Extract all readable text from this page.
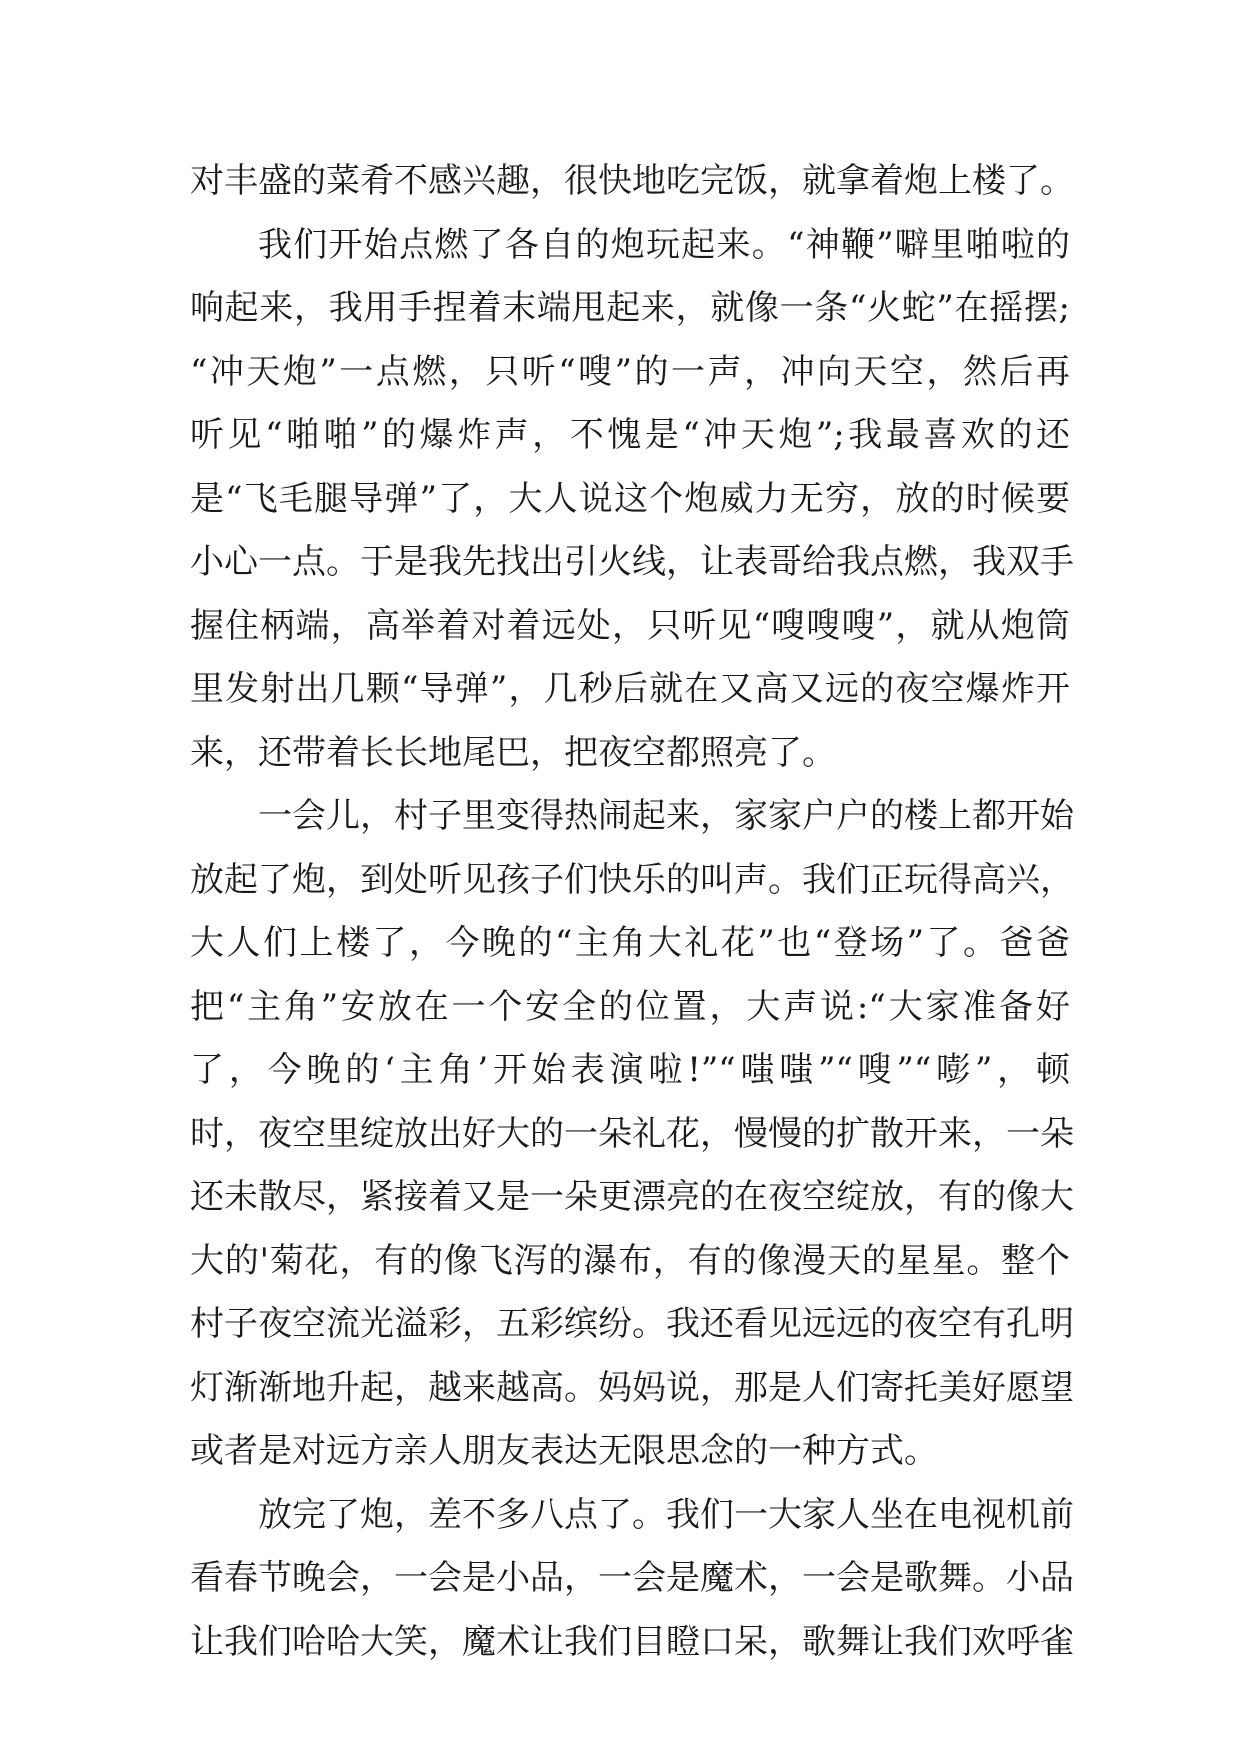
对丰盛的菜肴不感兴趣，很快地吃完饭，就拿着炮上楼了。
我们开始点燃了各自的炮玩起来。“神鞭”噼里啪啦的
响起来，我用手捏着末端甩起来，就像一条“火蛇”在摇摆;
“冲天炮”一点燃，只听“嗖”的一声，冲向天空，然后再
听见“啪啪”的爆炸声，不愧是“冲天炮”;我最喜欢的还
是“飞毛腿导弹”了，大人说这个炮威力无穷，放的时候要
小心一点。于是我先找出引火线，让表哥给我点燃，我双手
握住柄端，高举着对着远处，只听见“嗖嗖嗖”，就从炮筒
里发射出几颗“导弹”，几秒后就在又高又远的夜空爆炸开
来，还带着长长地尾巴，把夜空都照亮了。
一会儿，村子里变得热闹起来，家家户户的楼上都开始
放起了炮，到处听见孩子们快乐的叫声。我们正玩得高兴，
大人们上楼了，今晚的“主角大礼花”也“登场”了。爸爸
把“主角”安放在一个安全的位置，大声说:“大家准备好
了，今晚的‘主角’开始表演啦!”“嗤嗤”“嗖”“嘭”，顿
时，夜空里绽放出好大的一朵礼花，慢慢的扩散开来，一朵
还未散尽，紧接着又是一朵更漂亮的在夜空绽放，有的像大
大的'菊花，有的像飞泻的瀑布，有的像漫天的星星。整个
村子夜空流光溢彩，五彩缤纷。我还看见远远的夜空有孔明
灯渐渐地升起，越来越高。妈妈说，那是人们寄托美好愿望
或者是对远方亲人朋友表达无限思念的一种方式。
放完了炮，差不多八点了。我们一大家人坐在电视机前
看春节晚会，一会是小品，一会是魔术，一会是歌舞。小品
让我们哈哈大笑，魔术让我们目瞪口呆，歌舞让我们欢呼雀
